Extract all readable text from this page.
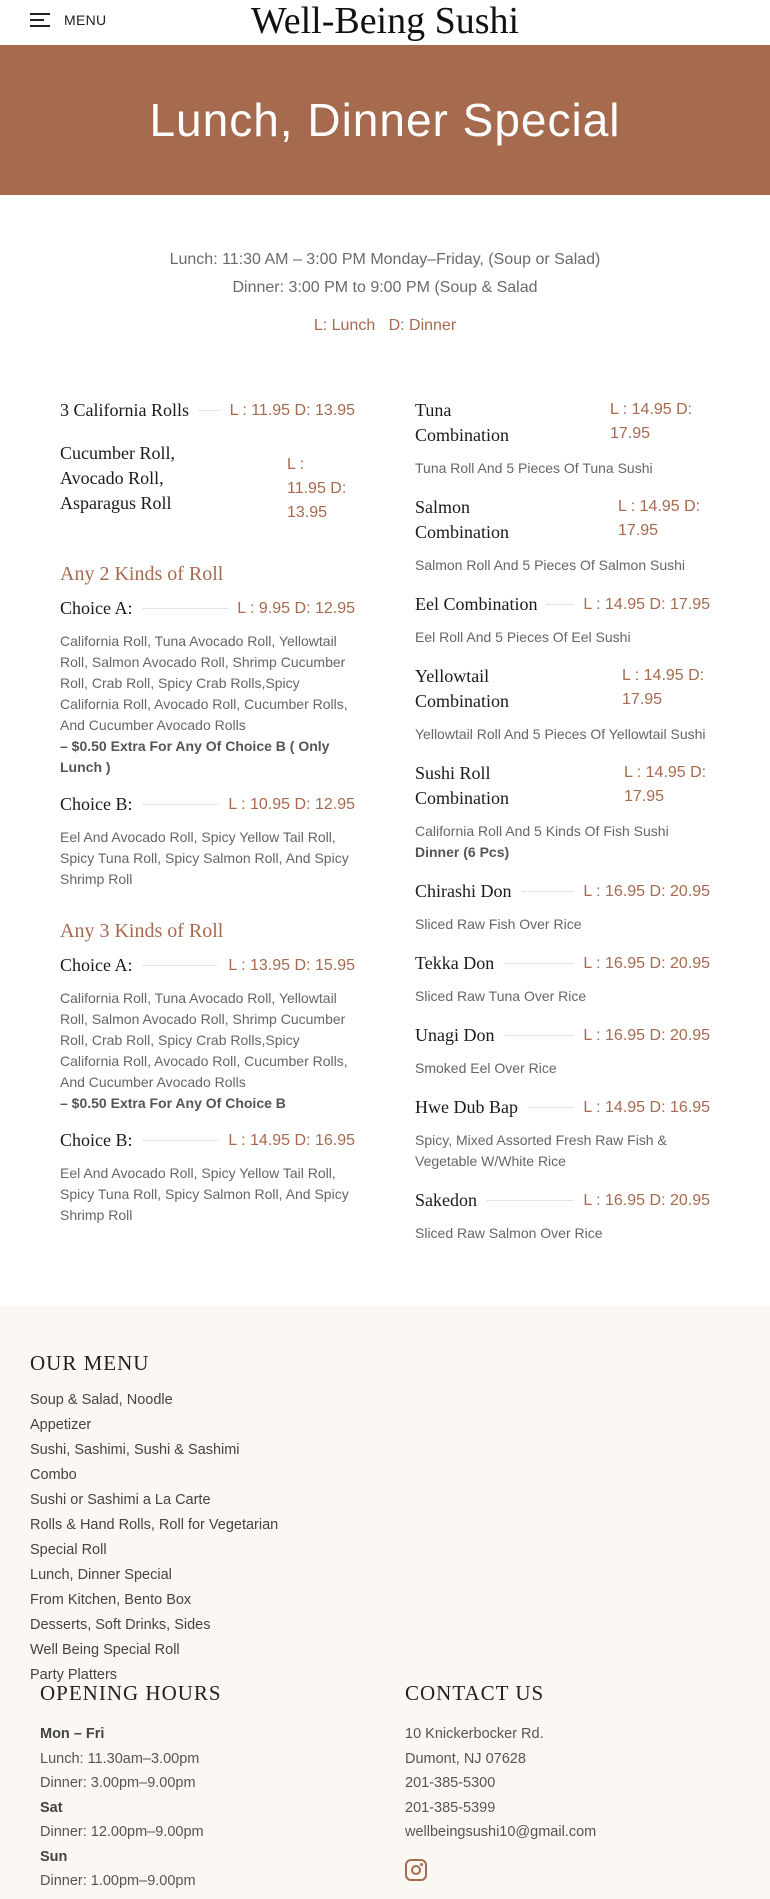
MENU	Well-Being Sushi
Lunch, Dinner Special
Lunch: 11:30 AM – 3:00 PM Monday–Friday, (Soup or Salad)
Dinner: 3:00 PM to 9:00 PM (Soup & Salad
L: Lunch   D: Dinner
3 California Rolls	L : 11.95 D: 13.95
Cucumber Roll, Avocado Roll, Asparagus Roll
L : 11.95 D: 13.95
Any 2 Kinds of Roll
Choice A:	L : 9.95 D: 12.95
California Roll, Tuna Avocado Roll, Yellowtail Roll, Salmon Avocado Roll, Shrimp Cucumber Roll, Crab Roll, Spicy Crab Rolls,Spicy California Roll, Avocado Roll, Cucumber Rolls, And Cucumber Avocado Rolls
– $0.50 Extra For Any Of Choice B ( Only Lunch )
Choice B:	L : 10.95 D: 12.95
Eel And Avocado Roll, Spicy Yellow Tail Roll, Spicy Tuna Roll, Spicy Salmon Roll, And Spicy Shrimp Roll
Any 3 Kinds of Roll
Choice A:	L : 13.95 D: 15.95
California Roll, Tuna Avocado Roll, Yellowtail Roll, Salmon Avocado Roll, Shrimp Cucumber Roll, Crab Roll, Spicy Crab Rolls,Spicy California Roll, Avocado Roll, Cucumber Rolls, And Cucumber Avocado Rolls
– $0.50 Extra For Any Of Choice B
Choice B:	L : 14.95 D: 16.95
Eel And Avocado Roll, Spicy Yellow Tail Roll, Spicy Tuna Roll, Spicy Salmon Roll, And Spicy Shrimp Roll
Tuna Combination
L : 14.95 D: 17.95
Tuna Roll And 5 Pieces Of Tuna Sushi
Salmon Combination
L : 14.95 D: 17.95
Salmon Roll And 5 Pieces Of Salmon Sushi
Eel Combination	L : 14.95 D: 17.95
Eel Roll And 5 Pieces Of Eel Sushi
Yellowtail Combination
L : 14.95 D: 17.95
Yellowtail Roll And 5 Pieces Of Yellowtail Sushi
Sushi Roll Combination
L : 14.95 D: 17.95
California Roll And 5 Kinds Of Fish Sushi
Dinner (6 Pcs)
Chirashi Don	L : 16.95 D: 20.95
Sliced Raw Fish Over Rice
Tekka Don	L : 16.95 D: 20.95
Sliced Raw Tuna Over Rice
Unagi Don	L : 16.95 D: 20.95
Smoked Eel Over Rice
Hwe Dub Bap	L : 14.95 D: 16.95
Spicy, Mixed Assorted Fresh Raw Fish & Vegetable W/White Rice
Sakedon	L : 16.95 D: 20.95
Sliced Raw Salmon Over Rice
OUR MENU
Soup & Salad, Noodle
Appetizer
Sushi, Sashimi, Sushi & Sashimi Combo
Sushi or Sashimi a La Carte
Rolls & Hand Rolls, Roll for Vegetarian Special Roll
Lunch, Dinner Special
From Kitchen, Bento Box
Desserts, Soft Drinks, Sides
Well Being Special Roll
Party Platters
OPENING HOURS
Mon – Fri
Lunch: 11.30am–3.00pm
Dinner: 3.00pm–9.00pm
Sat
Dinner: 12.00pm–9.00pm
Sun
Dinner: 1.00pm–9.00pm
CONTACT US
10 Knickerbocker Rd.
Dumont, NJ 07628
201-385-5300
201-385-5399
wellbeingsushi10@gmail.com
